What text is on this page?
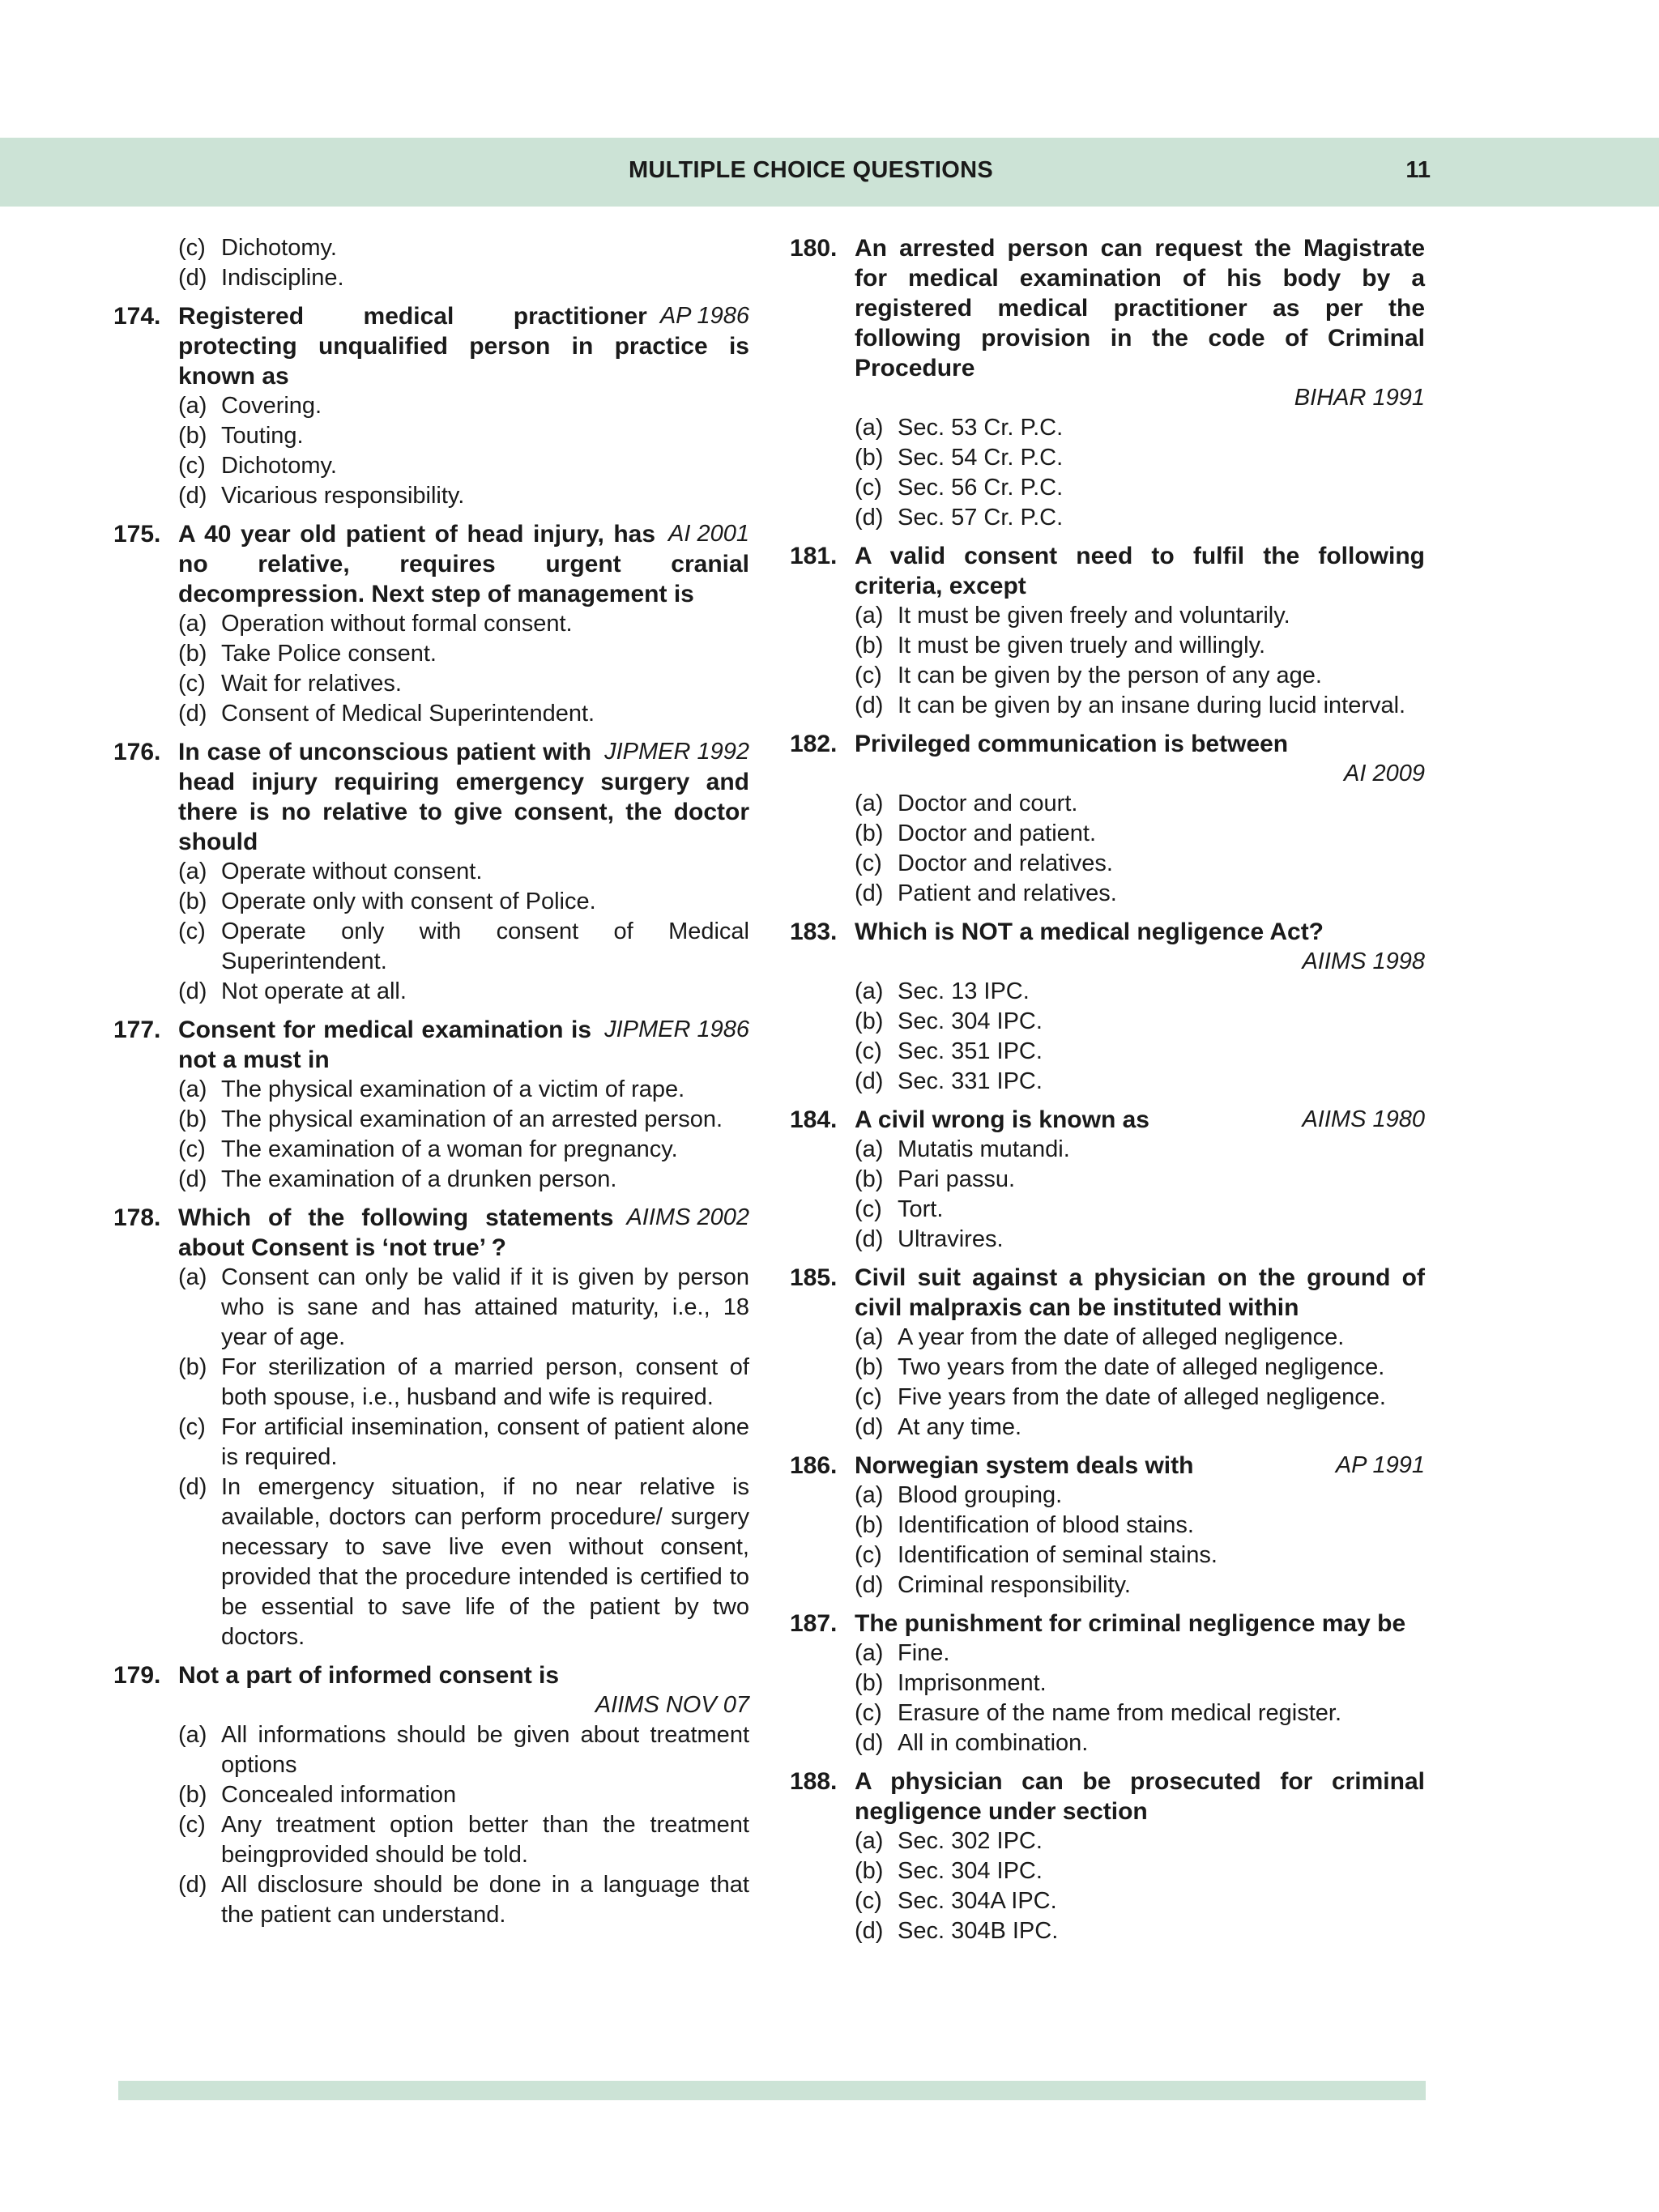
MULTIPLE CHOICE QUESTIONS	11
(c) Dichotomy.
(d) Indiscipline.
174.	AP 1986
Registered medical practitioner protecting unqualified person in practice is known as
(a) Covering.
(b) Touting.
(c) Dichotomy.
(d) Vicarious responsibility.
175.	AI 2001
A 40 year old patient of head injury, has no relative, requires urgent cranial decompression. Next step of management is
(a) Operation without formal consent.
(b) Take Police consent.
(c) Wait for relatives.
(d) Consent of Medical Superintendent.
176.	JIPMER 1992
In case of unconscious patient with head injury requiring emergency surgery and there is no relative to give consent, the doctor should
(a) Operate without consent.
(b) Operate only with consent of Police.
(c) Operate only with consent of Medical Superintendent.
(d) Not operate at all.
177.	JIPMER 1986
Consent for medical examination is not a must in
(a) The physical examination of a victim of rape.
(b) The physical examination of an arrested person.
(c) The examination of a woman for pregnancy.
(d) The examination of a drunken person.
178.	AIIMS 2002
Which of the following statements about Consent is ‘not true’ ?
(a) Consent can only be valid if it is given by person who is sane and has attained maturity, i.e., 18 year of age.
(b) For sterilization of a married person, consent of both spouse, i.e., husband and wife is required.
(c) For artificial insemination, consent of patient alone is required.
(d) In emergency situation, if no near relative is available, doctors can perform procedure/ surgery necessary to save live even without consent, provided that the procedure intended is certified to be essential to save life of the patient by two doctors.
179. Not a part of informed consent is
AIIMS NOV 07
(a) All informations should be given about treatment options
(b) Concealed information
(c) Any treatment option better than the treatment beingprovided should be told.
(d) All disclosure should be done in a language that the patient can understand.
180. An arrested person can request the Magistrate for medical examination of his body by a registered medical practitioner as per the following provision in the code of Criminal Procedure
BIHAR 1991
(a) Sec. 53 Cr. P.C.
(b) Sec. 54 Cr. P.C.
(c) Sec. 56 Cr. P.C.
(d) Sec. 57 Cr. P.C.
181. A valid consent need to fulfil the following criteria, except
(a) It must be given freely and voluntarily.
(b) It must be given truely and willingly.
(c) It can be given by the person of any age.
(d) It can be given by an insane during lucid interval.
182. Privileged communication is between
AI 2009
(a) Doctor and court.
(b) Doctor and patient.
(c) Doctor and relatives.
(d) Patient and relatives.
183. Which is NOT a medical negligence Act?
AIIMS 1998
(a) Sec. 13 IPC.
(b) Sec. 304 IPC.
(c) Sec. 351 IPC.
(d) Sec. 331 IPC.
184.	AIIMS 1980
A civil wrong is known as
(a) Mutatis mutandi.
(b) Pari passu.
(c) Tort.
(d) Ultravires.
185. Civil suit against a physician on the ground of civil malpraxis can be instituted within
(a) A year from the date of alleged negligence.
(b) Two years from the date of alleged negligence.
(c) Five years from the date of alleged negligence.
(d) At any time.
186.	AP 1991
Norwegian system deals with
(a) Blood grouping.
(b) Identification of blood stains.
(c) Identification of seminal stains.
(d) Criminal responsibility.
187. The punishment for criminal negligence may be
(a) Fine.
(b) Imprisonment.
(c) Erasure of the name from medical register.
(d) All in combination.
188. A physician can be prosecuted for criminal negligence under section
(a) Sec. 302 IPC.
(b) Sec. 304 IPC.
(c) Sec. 304A IPC.
(d) Sec. 304B IPC.
